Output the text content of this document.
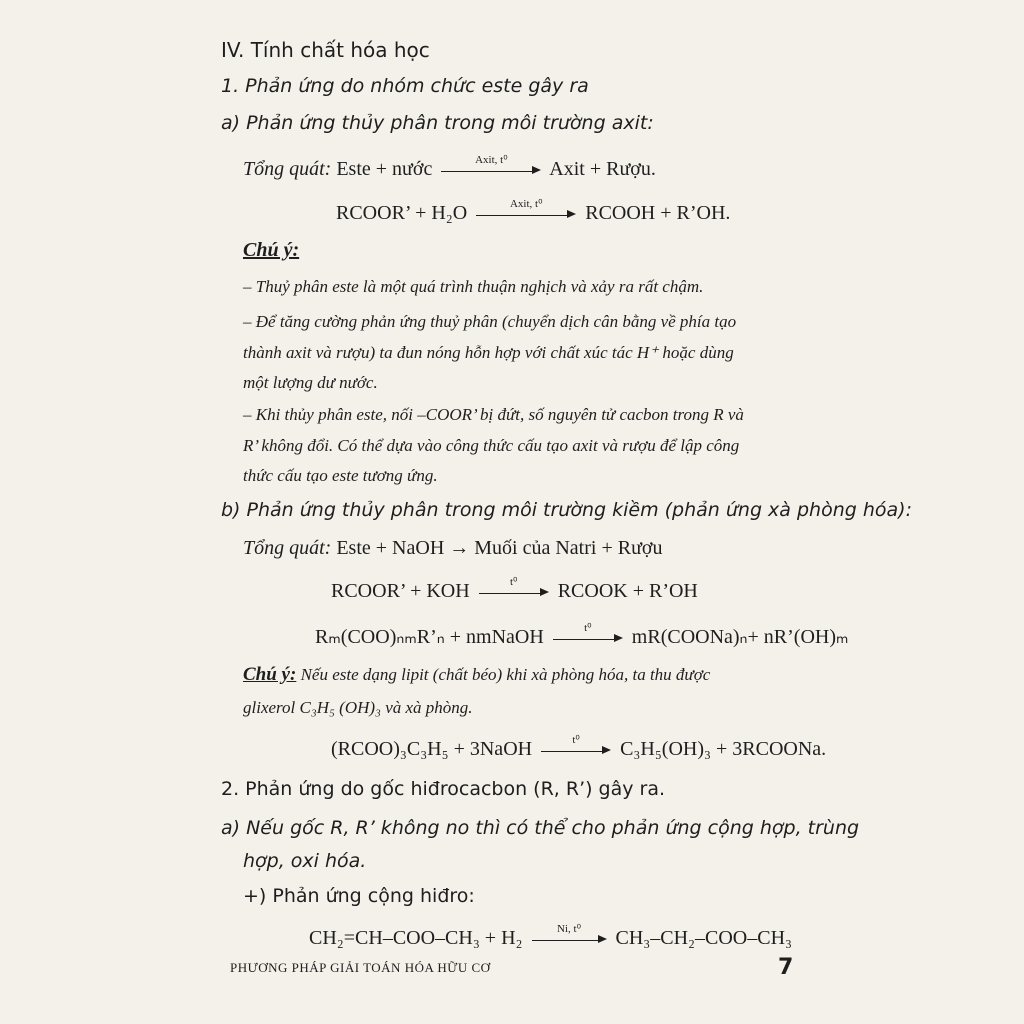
IV. Tính chất hóa học
1. Phản ứng do nhóm chức este gây ra
a) Phản ứng thủy phân trong môi trường axit:
Tổng quát: Este + nước	Axit, t⁰	Axit + Rượu.
RCOOR’ + H₂O	Axit, t⁰	RCOOH + R’OH.
Chú ý:
– Thuỷ phân este là một quá trình thuận nghịch và xảy ra rất chậm.
– Để tăng cường phản ứng thuỷ phân (chuyển dịch cân bằng về phía tạo
thành axit và rượu) ta đun nóng hỗn hợp với chất xúc tác H⁺ hoặc dùng
một lượng dư nước.
– Khi thủy phân este, nối –COOR’ bị đứt, số nguyên tử cacbon trong R và
R’ không đổi. Có thể dựa vào công thức cấu tạo axit và rượu để lập công
thức cấu tạo este tương ứng.
b) Phản ứng thủy phân trong môi trường kiềm (phản ứng xà phòng hóa):
Tổng quát: Este + NaOH → Muối của Natri + Rượu
RCOOR’ + KOH	t⁰	RCOOK + R’OH
Rₘ(COO)ₙₘR’ₙ + nmNaOH	t⁰	mR(COONa)ₙ+ nR’(OH)ₘ
Chú ý: Nếu este dạng lipit (chất béo) khi xà phòng hóa, ta thu được
glixerol C₃H₅ (OH)₃ và xà phòng.
(RCOO)₃C₃H₅ + 3NaOH	t⁰	C₃H₅(OH)₃ + 3RCOONa.
2. Phản ứng do gốc hiđrocacbon (R, R’) gây ra.
a) Nếu gốc R, R’ không no thì có thể cho phản ứng cộng hợp, trùng
hợp, oxi hóa.
+) Phản ứng cộng hiđro:
CH₂=CH–COO–CH₃ + H₂	Ni, t⁰	CH₃–CH₂–COO–CH₃
PHƯƠNG PHÁP GIẢI TOÁN HÓA HỮU CƠ	7
